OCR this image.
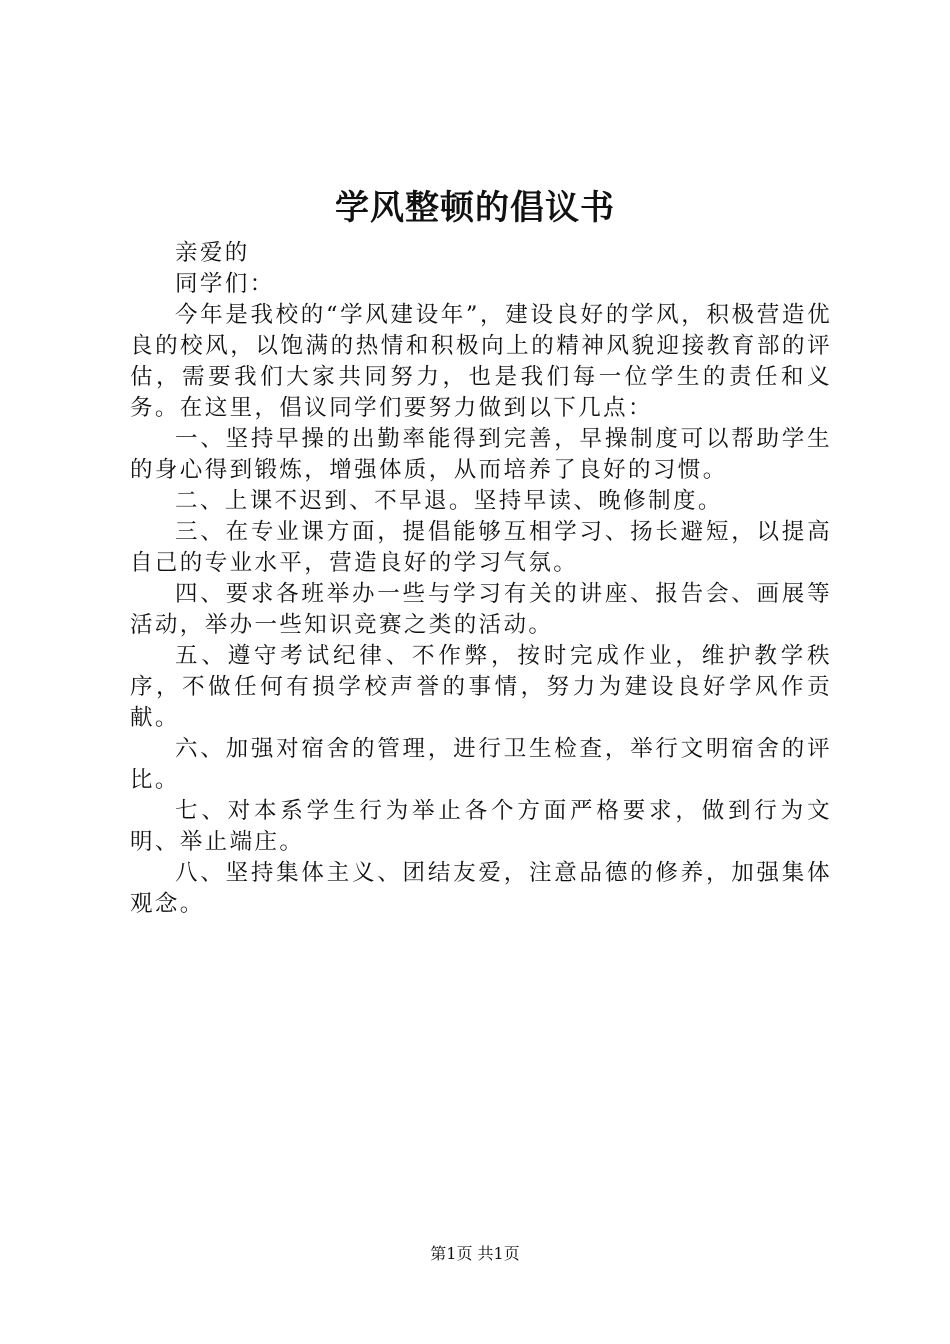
学风整顿的倡议书

亲爱的

同学们：

今年是我校的“学风建设年”，建设良好的学风，积极营造优良的校风，以饱满的热情和积极向上的精神风貌迎接教育部的评估，需要我们大家共同努力，也是我们每一位学生的责任和义务。在这里，倡议同学们要努力做到以下几点：

一、坚持早操的出勤率能得到完善，早操制度可以帮助学生的身心得到锻炼，增强体质，从而培养了良好的习惯。

二、上课不迟到、不早退。坚持早读、晚修制度。

三、在专业课方面，提倡能够互相学习、扬长避短，以提高自己的专业水平，营造良好的学习气氛。

四、要求各班举办一些与学习有关的讲座、报告会、画展等活动，举办一些知识竞赛之类的活动。

五、遵守考试纪律、不作弊，按时完成作业，维护教学秩序，不做任何有损学校声誉的事情，努力为建设良好学风作贡献。

六、加强对宿舍的管理，进行卫生检查，举行文明宿舍的评比。

七、对本系学生行为举止各个方面严格要求，做到行为文明、举止端庄。

八、坚持集体主义、团结友爱，注意品德的修养，加强集体观念。

第1页 共1页
